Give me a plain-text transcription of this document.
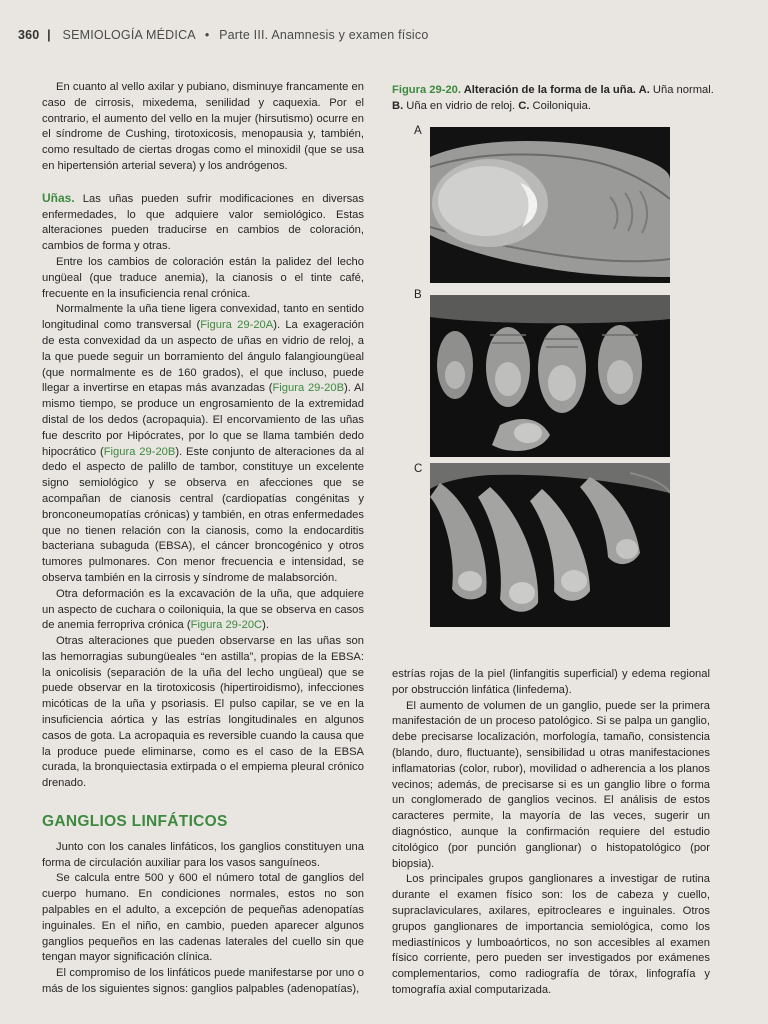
360 | SEMIOLOGÍA MÉDICA • Parte III. Anamnesis y examen físico

En cuanto al vello axilar y pubiano, disminuye francamente en caso de cirrosis, mixedema, senilidad y caquexia. Por el contrario, el aumento del vello en la mujer (hirsutismo) ocurre en el síndrome de Cushing, tirotoxicosis, menopausia y, también, como resultado de ciertas drogas como el minoxidil (que se usa en hipertensión arterial severa) y los andrógenos.

Uñas. Las uñas pueden sufrir modificaciones en diversas enfermedades, lo que adquiere valor semiológico. Estas alteraciones pueden traducirse en cambios de coloración, cambios de forma y otras.

Entre los cambios de coloración están la palidez del lecho ungüeal (que traduce anemia), la cianosis o el tinte café, frecuente en la insuficiencia renal crónica.

Normalmente la uña tiene ligera convexidad, tanto en sentido longitudinal como transversal (Figura 29-20A). La exageración de esta convexidad da un aspecto de uñas en vidrio de reloj, a la que puede seguir un borramiento del ángulo falangioungüeal (que normalmente es de 160 grados), el que incluso, puede llegar a invertirse en etapas más avanzadas (Figura 29-20B). Al mismo tiempo, se produce un engrosamiento de la extremidad distal de los dedos (acropaquia). El encorvamiento de las uñas fue descrito por Hipócrates, por lo que se llama también dedo hipocrático (Figura 29-20B). Este conjunto de alteraciones da al dedo el aspecto de palillo de tambor, constituye un excelente signo semiológico y se observa en afecciones que se acompañan de cianosis central (cardiopatías congénitas y bronconeumopatías crónicas) y también, en otras enfermedades que no tienen relación con la cianosis, como la endocarditis bacteriana subaguda (EBSA), el cáncer broncogénico y otros tumores pulmonares. Con menor frecuencia e intensidad, se observa también en la cirrosis y síndrome de malabsorción.

Otra deformación es la excavación de la uña, que adquiere un aspecto de cuchara o coiloniquia, la que se observa en casos de anemia ferropriva crónica (Figura 29-20C).

Otras alteraciones que pueden observarse en las uñas son las hemorragias subungüeales “en astilla”, propias de la EBSA: la onicolisis (separación de la uña del lecho ungüeal) que se puede observar en la tirotoxicosis (hipertiroidismo), infecciones micóticas de la uña y psoriasis. El pulso capilar, se ve en la insuficiencia aórtica y las estrías longitudinales en algunos casos de gota. La acropaquia es reversible cuando la causa que la produce puede eliminarse, como es el caso de la EBSA curada, la bronquiectasia extirpada o el empiema pleural crónico drenado.

GANGLIOS LINFÁTICOS

Junto con los canales linfáticos, los ganglios constituyen una forma de circulación auxiliar para los vasos sanguíneos.

Se calcula entre 500 y 600 el número total de ganglios del cuerpo humano. En condiciones normales, estos no son palpables en el adulto, a excepción de pequeñas adenopatías inguinales. En el niño, en cambio, pueden aparecer algunos ganglios pequeños en las cadenas laterales del cuello sin que tengan mayor significación clínica.

El compromiso de los linfáticos puede manifestarse por uno o más de los siguientes signos: ganglios palpables (adenopatías),

Figura 29-20. Alteración de la forma de la uña. A. Uña normal. B. Uña en vidrio de reloj. C. Coiloniquia.
A
B
C

estrías rojas de la piel (linfangitis superficial) y edema regional por obstrucción linfática (linfedema).

El aumento de volumen de un ganglio, puede ser la primera manifestación de un proceso patológico. Si se palpa un ganglio, debe precisarse localización, morfología, tamaño, consistencia (blando, duro, fluctuante), sensibilidad u otras manifestaciones inflamatorias (color, rubor), movilidad o adherencia a los planos vecinos; además, de precisarse si es un ganglio libre o forma un conglomerado de ganglios vecinos. El análisis de estos caracteres permite, la mayoría de las veces, sugerir un diagnóstico, aunque la confirmación requiere del estudio citológico (por punción ganglionar) o histopatológico (por biopsia).

Los principales grupos ganglionares a investigar de rutina durante el examen físico son: los de cabeza y cuello, supraclaviculares, axilares, epitrocleares e inguinales. Otros grupos ganglionares de importancia semiológica, como los mediastínicos y lumboaórticos, no son accesibles al examen físico corriente, pero pueden ser investigados por exámenes complementarios, como radiografía de tórax, linfografía y tomografía axial computarizada.
